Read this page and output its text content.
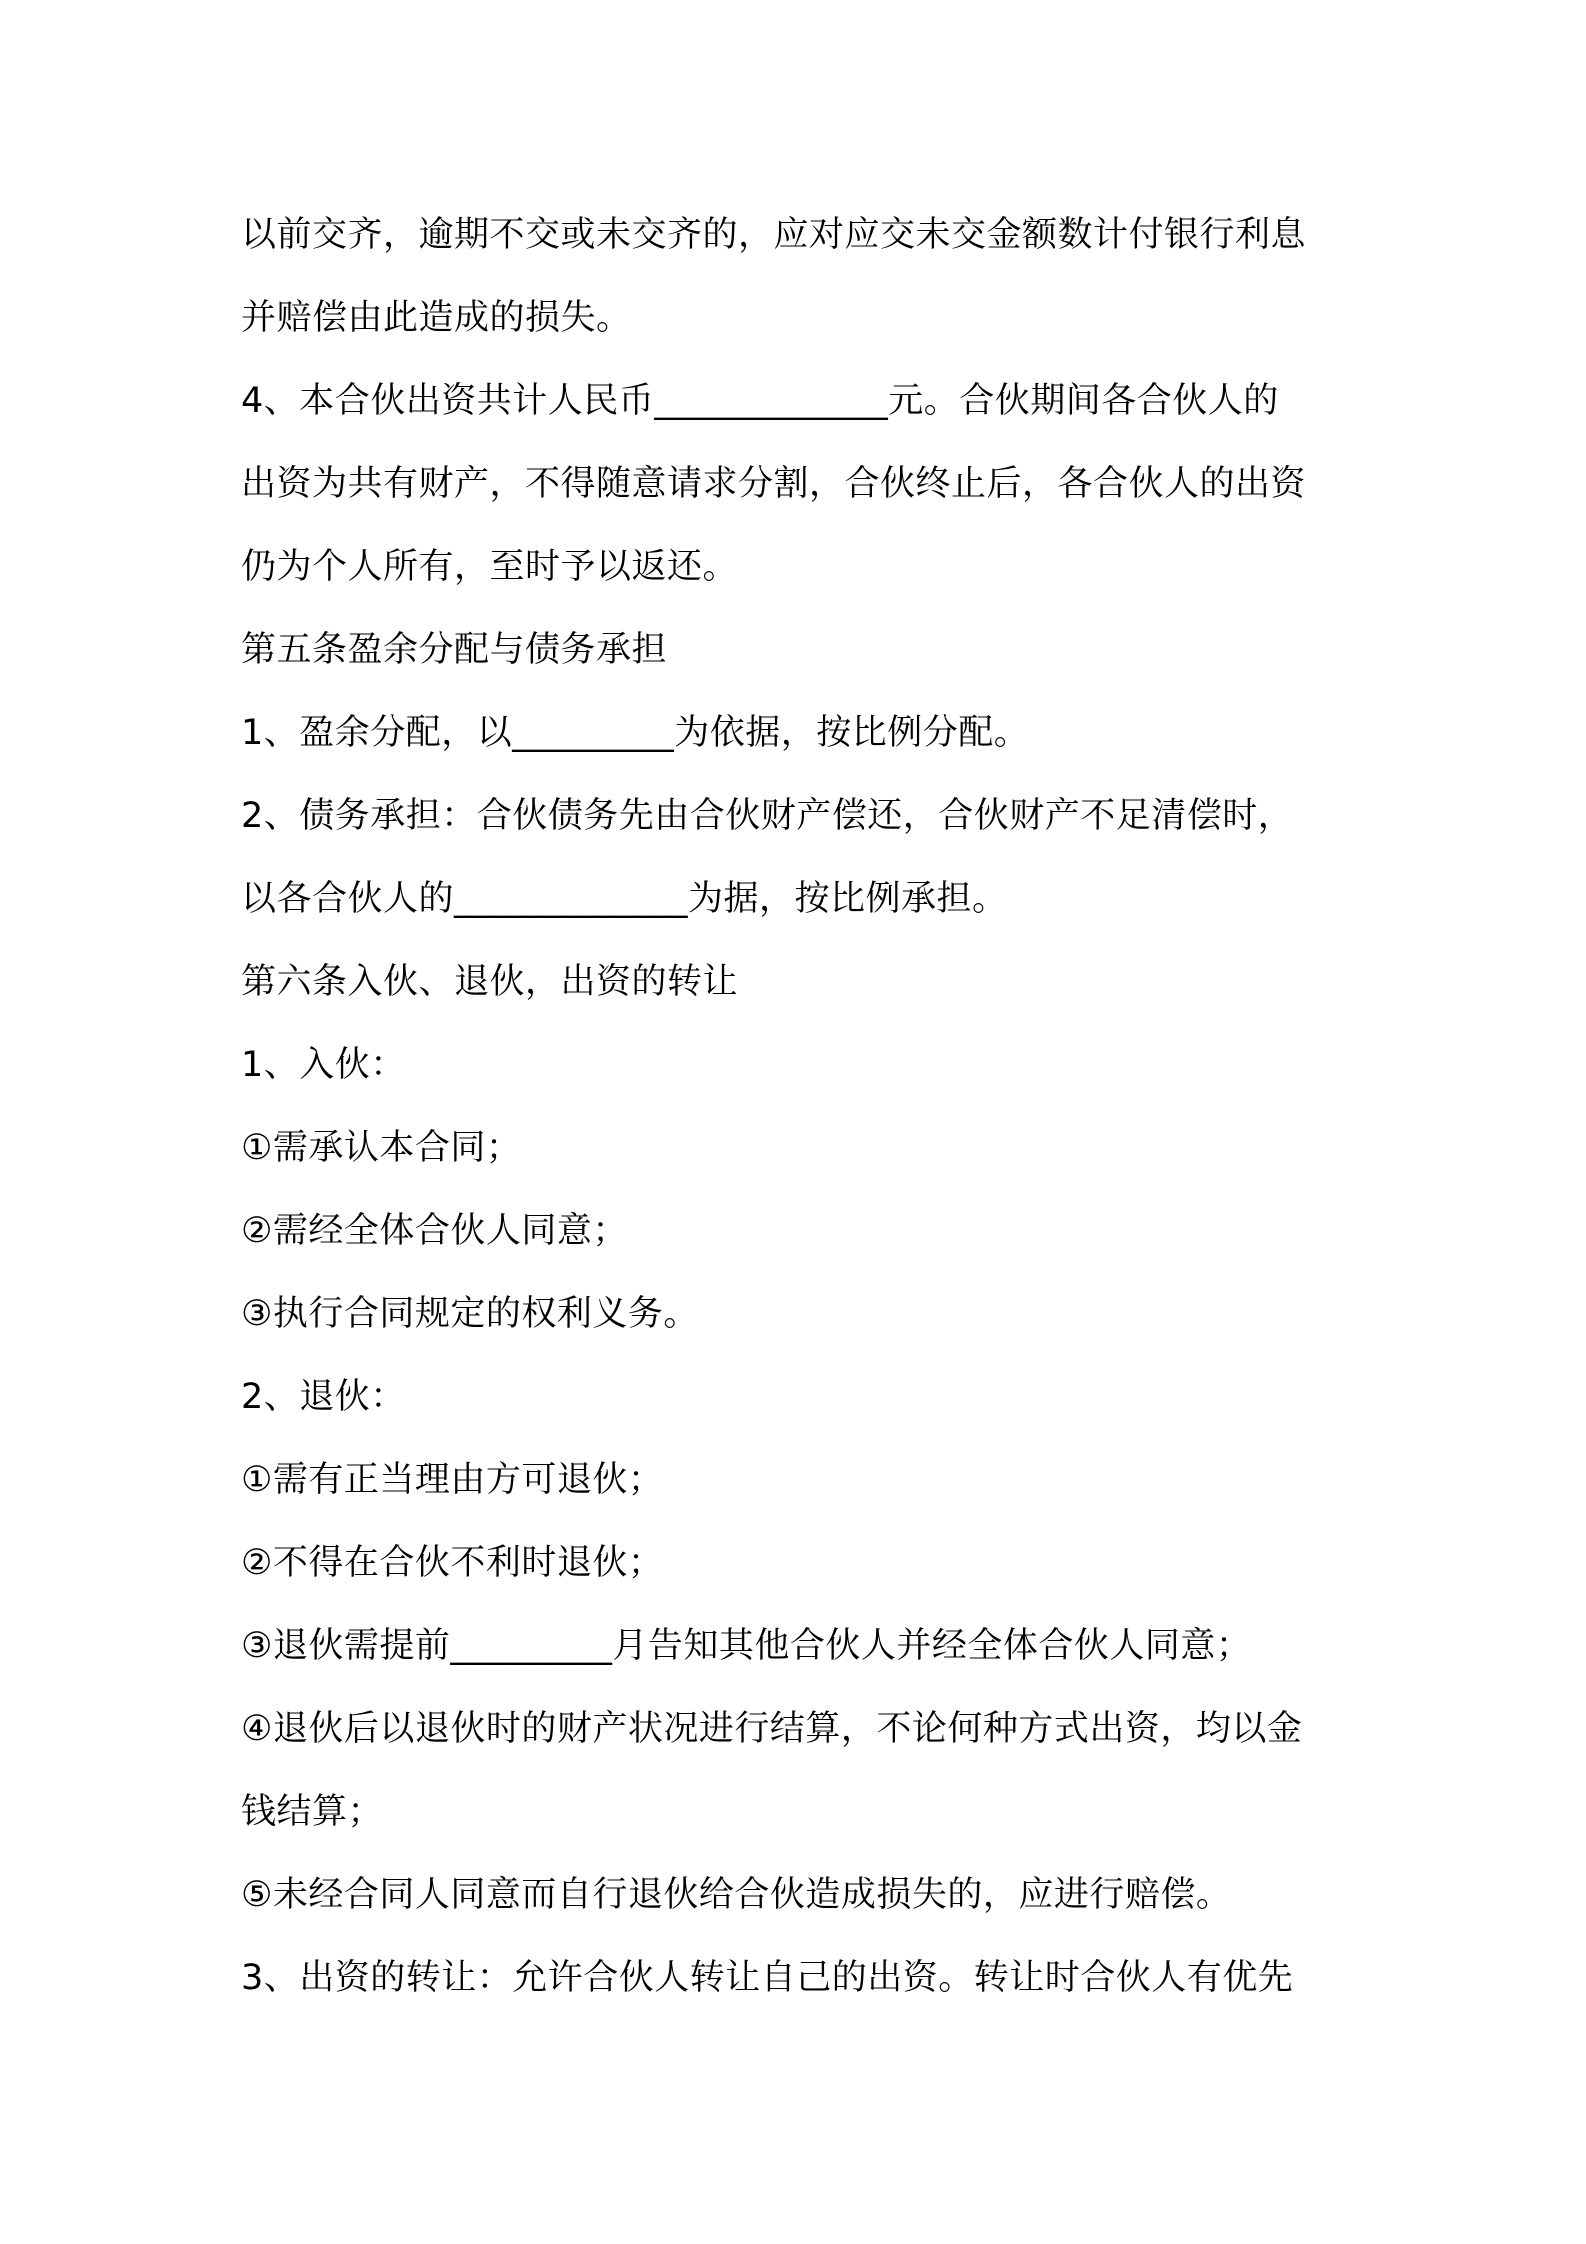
以前交齐，逾期不交或未交齐的，应对应交未交金额数计付银行利息
并赔偿由此造成的损失。
4、本合伙出资共计人民币_____________元。合伙期间各合伙人的
出资为共有财产，不得随意请求分割，合伙终止后，各合伙人的出资
仍为个人所有，至时予以返还。
第五条盈余分配与债务承担
1、盈余分配，以_________为依据，按比例分配。
2、债务承担：合伙债务先由合伙财产偿还，合伙财产不足清偿时，
以各合伙人的_____________为据，按比例承担。
第六条入伙、退伙，出资的转让
1、入伙：
①需承认本合同；
②需经全体合伙人同意；
③执行合同规定的权利义务。
2、退伙：
①需有正当理由方可退伙；
②不得在合伙不利时退伙；
③退伙需提前_________月告知其他合伙人并经全体合伙人同意；
④退伙后以退伙时的财产状况进行结算，不论何种方式出资，均以金
钱结算；
⑤未经合同人同意而自行退伙给合伙造成损失的，应进行赔偿。
3、出资的转让：允许合伙人转让自己的出资。转让时合伙人有优先
